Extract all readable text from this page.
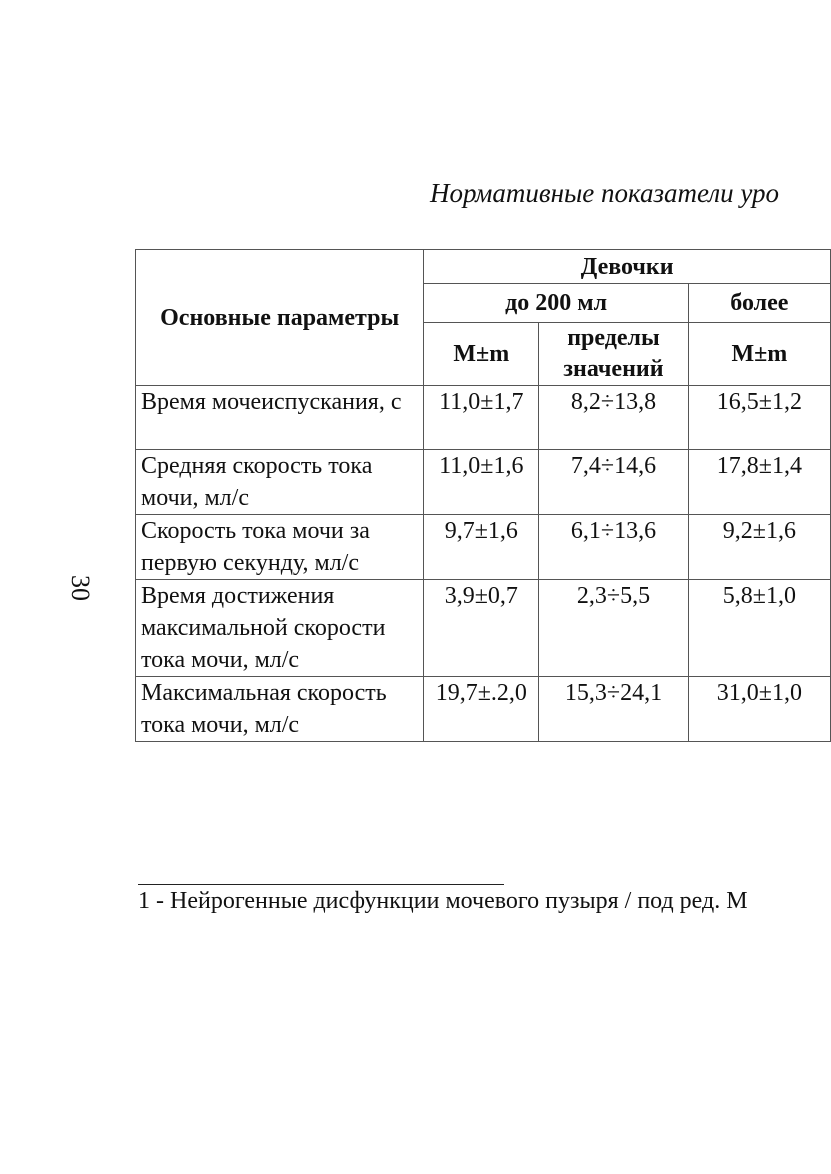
30
Нормативные показатели уро
Основные параметры	Девочки		
	до 200 мл		более
	M±m	пределы значений	M±m
Время мочеиспускания, с	11,0±1,7	8,2÷13,8	16,5±1,2
Средняя скорость тока мочи, мл/с	11,0±1,6	7,4÷14,6	17,8±1,4
Скорость тока мочи за первую секунду, мл/с	9,7±1,6	6,1÷13,6	9,2±1,6
Время достижения максимальной скорости тока мочи, мл/с	3,9±0,7	2,3÷5,5	5,8±1,0
Максимальная скорость тока мочи, мл/с	19,7±.2,0	15,3÷24,1	31,0±1,0
1 - Нейрогенные дисфункции мочевого пузыря / под ред. М
